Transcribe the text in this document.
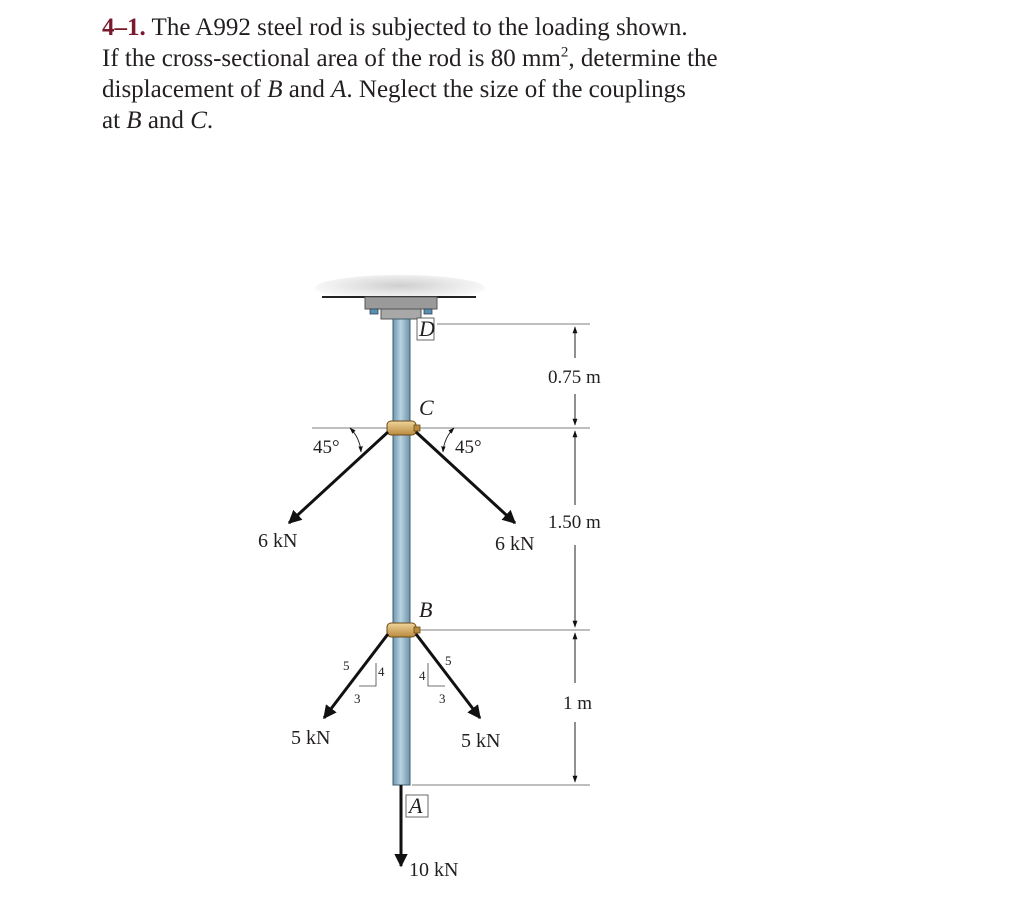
4–1. The A992 steel rod is subjected to the loading shown.
If the cross-sectional area of the rod is 80 $mm^2$, determine the
displacement of B and A. Neglect the size of the couplings
at B and C.
D
C
B
A
0.75 m
1.50 m
1 m
6 kN	6 kN
45°	45°
5 kN	5 kN
5 4
3
5
4
3
10 kN
